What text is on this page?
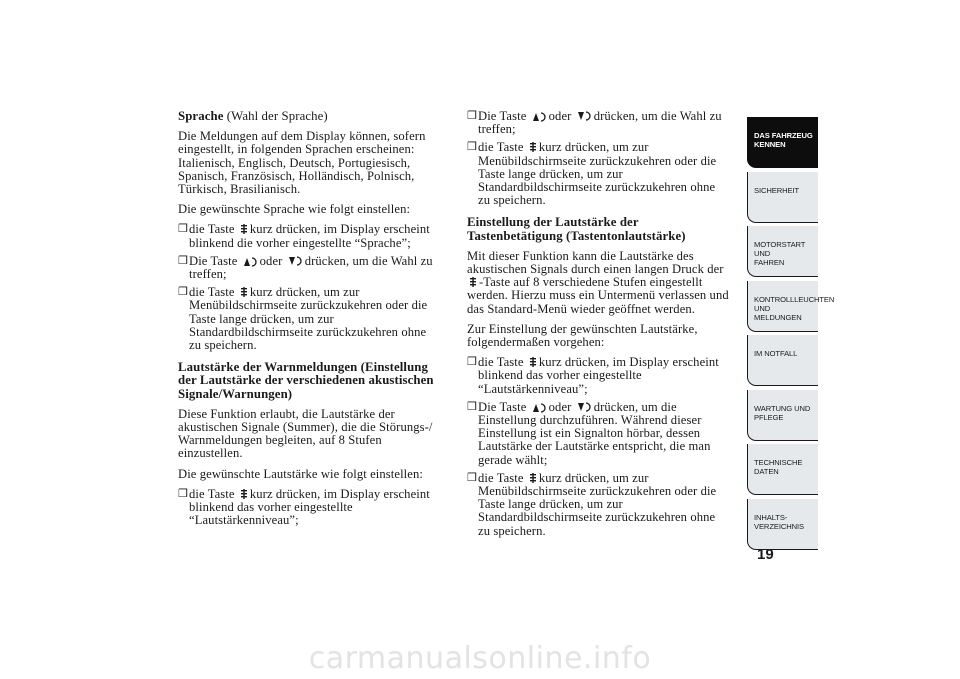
Sprache (Wahl der Sprache)

Die Meldungen auf dem Display können, sofern eingestellt, in folgenden Sprachen erscheinen: Italienisch, Englisch, Deutsch, Portugiesisch, Spanisch, Französisch, Holländisch, Polnisch, Türkisch, Brasilianisch.

Die gewünschte Sprache wie folgt einstellen:

❒ die Taste kurz drücken, im Display erscheint blinkend die vorher eingestellte “Sprache”;
❒ Die Taste oder drücken, um die Wahl zu treffen;
❒ die Taste kurz drücken, um zur Menübildschirmseite zurückzukehren oder die Taste lange drücken, um zur Standardbildschirmseite zurückzukehren ohne zu speichern.
Lautstärke der Warnmeldungen (Einstellung der Lautstärke der verschiedenen akustischen Signale/Warnungen)

Diese Funktion erlaubt, die Lautstärke der akustischen Signale (Summer), die die Störungs-/ Warnmeldungen begleiten, auf 8 Stufen einzustellen.

Die gewünschte Lautstärke wie folgt einstellen:

❒ die Taste kurz drücken, im Display erscheint blinkend das vorher eingestellte “Lautstärkenniveau”;
❒ Die Taste oder drücken, um die Wahl zu treffen;
❒ die Taste kurz drücken, um zur Menübildschirmseite zurückzukehren oder die Taste lange drücken, um zur Standardbildschirmseite zurückzukehren ohne zu speichern.
Einstellung der Lautstärke der Tastenbetätigung (Tastentonlautstärke)

Mit dieser Funktion kann die Lautstärke des akustischen Signals durch einen langen Druck der -Taste auf 8 verschiedene Stufen eingestellt werden. Hierzu muss ein Untermenü verlassen und das Standard-Menü wieder geöffnet werden.

Zur Einstellung der gewünschten Lautstärke, folgendermaßen vorgehen:

❒ die Taste kurz drücken, im Display erscheint blinkend das vorher eingestellte “Lautstärkenniveau”;
❒ Die Taste oder drücken, um die Einstellung durchzuführen. Während dieser Einstellung ist ein Signalton hörbar, dessen Lautstärke der Lautstärke entspricht, die man gerade wählt;
❒ die Taste kurz drücken, um zur Menübildschirmseite zurückzukehren oder die Taste lange drücken, um zur Standardbildschirmseite zurückzukehren ohne zu speichern.
DAS FAHRZEUG
KENNEN
SICHERHEIT

MOTORSTART UND
FAHREN
KONTROLLLEUCHTEN
UND MELDUNGEN
IM NOTFALL

WARTUNG UND
PFLEGE
TECHNISCHE
DATEN
INHALTS-
VERZEICHNIS
19
carmanualsonline.info
